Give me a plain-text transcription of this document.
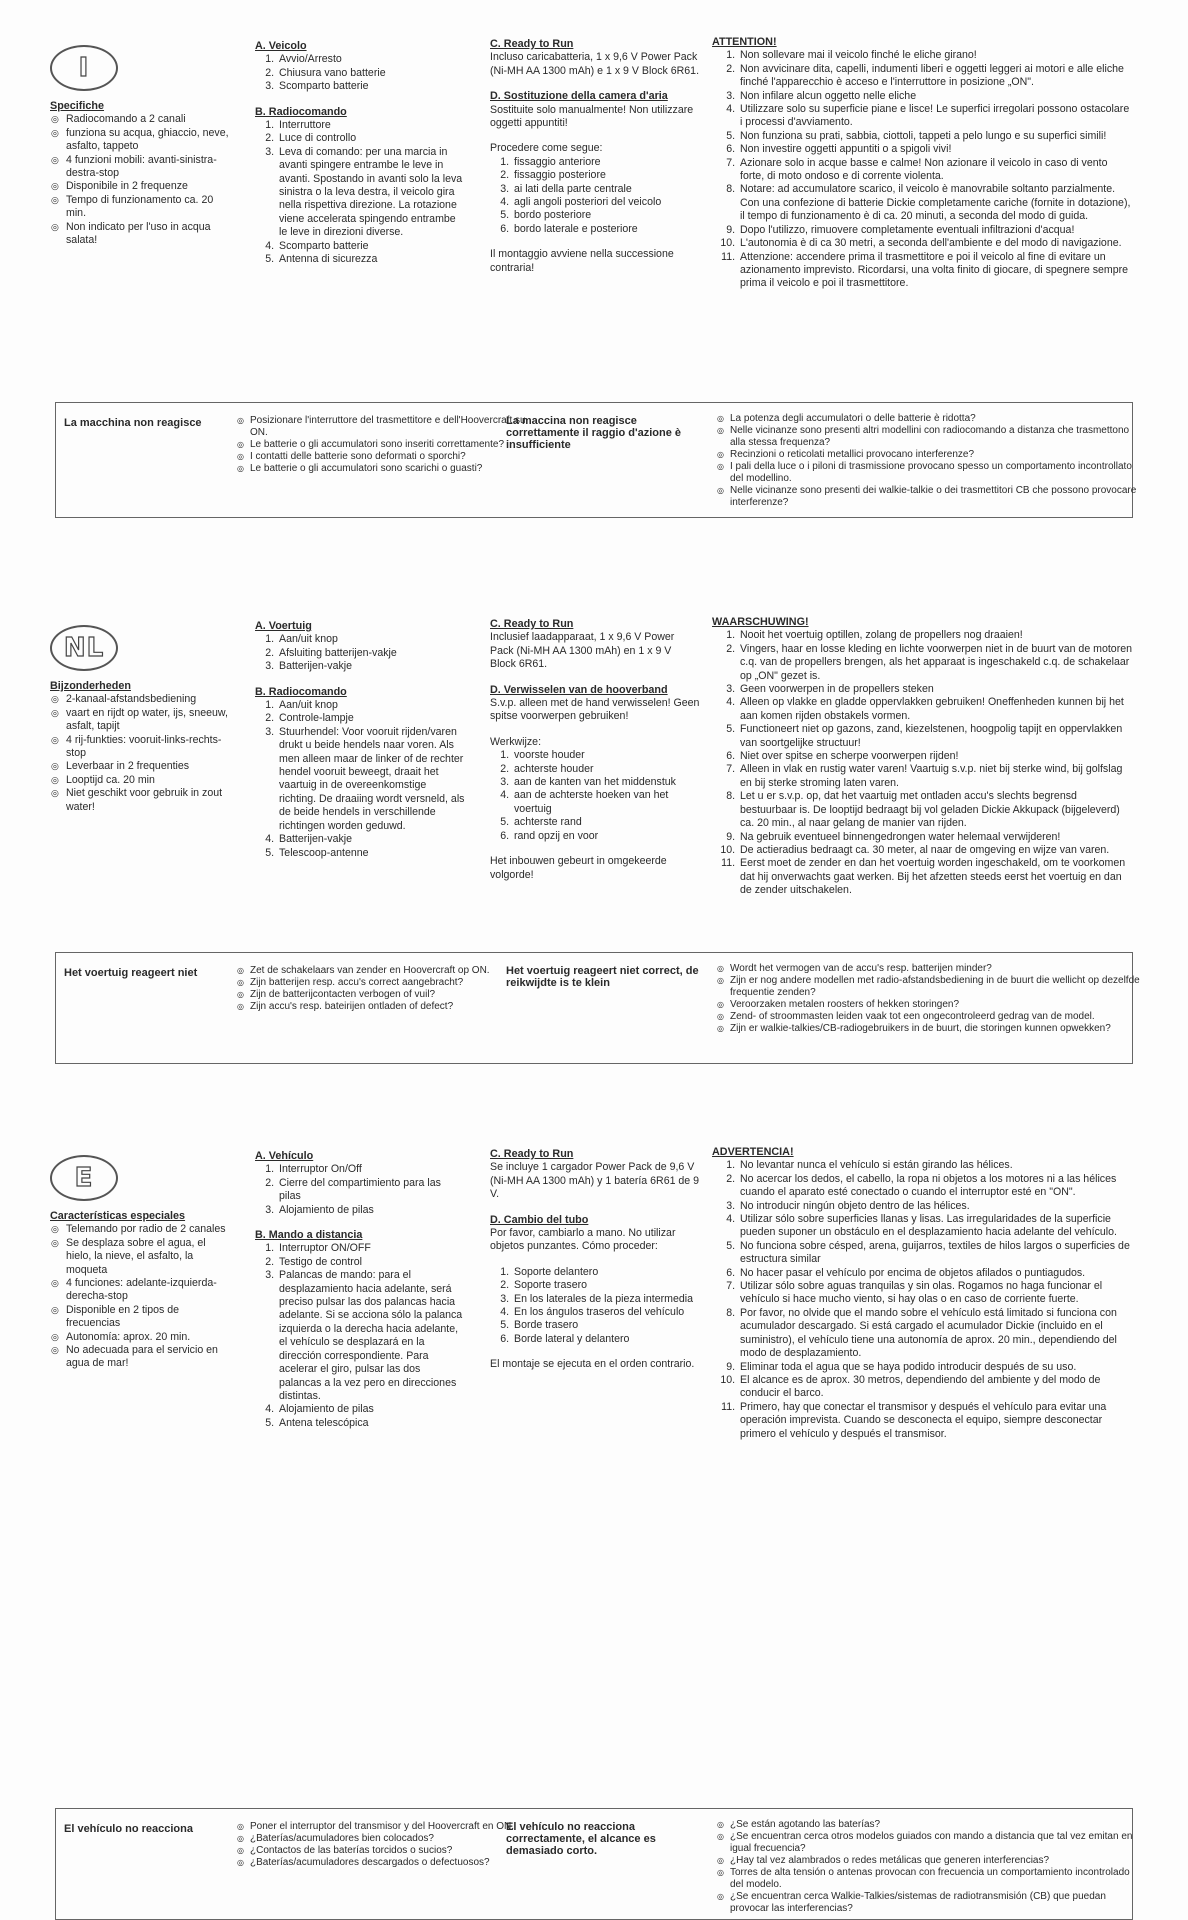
I
Specifiche
◎ Radiocomando a 2 canali
◎ funziona su acqua, ghiaccio, neve, asfalto, tappeto
◎ 4 funzioni mobili: avanti-sinistra-destra-stop
◎ Disponibile in 2 frequenze
◎ Tempo di funzionamento ca. 20 min.
◎ Non indicato per l'uso in acqua salata!
A. Veicolo
1. Avvio/Arresto
2. Chiusura vano batterie
3. Scomparto batterie
B. Radiocomando
1. Interruttore
2. Luce di controllo
3. Leva di comando: per una marcia in avanti spingere entrambe le leve in avanti. Spostando in avanti solo la leva sinistra o la leva destra, il veicolo gira nella rispettiva direzione. La rotazione viene accelerata spingendo entrambe le leve in direzioni diverse.
4. Scomparto batterie
5. Antenna di sicurezza
C. Ready to Run

Incluso caricabatteria, 1 x 9,6 V Power Pack (Ni-MH AA 1300 mAh) e 1 x 9 V Block 6R61.

D. Sostituzione della camera d'aria

Sostituite solo manualmente! Non utilizzare oggetti appuntiti!

Procedere come segue:

1. fissaggio anteriore
2. fissaggio posteriore
3. ai lati della parte centrale
4. agli angoli posteriori del veicolo
5. bordo posteriore
6. bordo laterale e posteriore

Il montaggio avviene nella successione contraria!

ATTENTION!
1. Non sollevare mai il veicolo finché le eliche girano!
2. Non avvicinare dita, capelli, indumenti liberi e oggetti leggeri ai motori e alle eliche finché l'apparecchio è acceso e l'interruttore in posizione „ON".
3. Non infilare alcun oggetto nelle eliche
4. Utilizzare solo su superficie piane e lisce! Le superfici irregolari possono ostacolare i processi d'avviamento.
5. Non funziona su prati, sabbia, ciottoli, tappeti a pelo lungo e su superfici simili!
6. Non investire oggetti appuntiti o a spigoli vivi!
7. Azionare solo in acque basse e calme! Non azionare il veicolo in caso di vento forte, di moto ondoso e di corrente violenta.
8. Notare: ad accumulatore scarico, il veicolo è manovrabile soltanto parzialmente. Con una confezione di batterie Dickie completamente cariche (fornite in dotazione), il tempo di funzionamento è di ca. 20 minuti, a seconda del modo di guida.
9. Dopo l'utilizzo, rimuovere completamente eventuali infiltrazioni d'acqua!
10. L'autonomia è di ca 30 metri, a seconda dell'ambiente e del modo di navigazione.
11. Attenzione: accendere prima il trasmettitore e poi il veicolo al fine di evitare un azionamento imprevisto. Ricordarsi, una volta finito di giocare, di spegnere sempre prima il veicolo e poi il trasmettitore.
La macchina non reagisce	◎ Posizionare l'interruttore del trasmettitore e dell'Hoovercraft su ON.
◎ Le batterie o gli accumulatori sono inseriti correttamente?
◎ I contatti delle batterie sono deformati o sporchi?
◎ Le batterie o gli accumulatori sono scarichi o guasti?
La maccina non reagisce correttamente il raggio d'azione è insufficiente
◎ La potenza degli accumulatori o delle batterie è ridotta?
◎ Nelle vicinanze sono presenti altri modellini con radiocomando a distanza che trasmettono alla stessa frequenza?
◎ Recinzioni o reticolati metallici provocano interferenze?
◎ I pali della luce o i piloni di trasmissione provocano spesso un comportamento incontrollato del modellino.
◎ Nelle vicinanze sono presenti dei walkie-talkie o dei trasmettitori CB che possono provocare interferenze?
NL
Bijzonderheden
◎ 2-kanaal-afstandsbediening
◎ vaart en rijdt op water, ijs, sneeuw, asfalt, tapijt
◎ 4 rij-funkties: vooruit-links-rechts-stop
◎ Leverbaar in 2 frequenties
◎ Looptijd ca. 20 min
◎ Niet geschikt voor gebruik in zout water!
A. Voertuig
1. Aan/uit knop
2. Afsluiting batterijen-vakje
3. Batterijen-vakje
B. Radiocomando
1. Aan/uit knop
2. Controle-lampje
3. Stuurhendel: Voor vooruit rijden/varen drukt u beide hendels naar voren. Als men alleen maar de linker of de rechter hendel vooruit beweegt, draait het vaartuig in de overeenkomstige richting. De draaiing wordt versneld, als de beide hendels in verschillende richtingen worden geduwd.
4. Batterijen-vakje
5. Telescoop-antenne
C. Ready to Run

Inclusief laadapparaat, 1 x 9,6 V Power Pack (Ni-MH AA 1300 mAh) en 1 x 9 V Block 6R61.

D. Verwisselen van de hooverband

S.v.p. alleen met de hand verwisselen! Geen spitse voorwerpen gebruiken!

Werkwijze:

1. voorste houder
2. achterste houder
3. aan de kanten van het middenstuk
4. aan de achterste hoeken van het voertuig
5. achterste rand
6. rand opzij en voor

Het inbouwen gebeurt in omgekeerde volgorde!

WAARSCHUWING!
1. Nooit het voertuig optillen, zolang de propellers nog draaien!
2. Vingers, haar en losse kleding en lichte voorwerpen niet in de buurt van de motoren c.q. van de propellers brengen, als het apparaat is ingeschakeld c.q. de schakelaar op „ON" gezet is.
3. Geen voorwerpen in de propellers steken
4. Alleen op vlakke en gladde oppervlakken gebruiken! Oneffenheden kunnen bij het aan komen rijden obstakels vormen.
5. Functioneert niet op gazons, zand, kiezelstenen, hoogpolig tapijt en oppervlakken van soortgelijke structuur!
6. Niet over spitse en scherpe voorwerpen rijden!
7. Alleen in vlak en rustig water varen! Vaartuig s.v.p. niet bij sterke wind, bij golfslag en bij sterke stroming laten varen.
8. Let u er s.v.p. op, dat het vaartuig met ontladen accu's slechts begrensd bestuurbaar is. De looptijd bedraagt bij vol geladen Dickie Akkupack (bijgeleverd) ca. 20 min., al naar gelang de manier van rijden.
9. Na gebruik eventueel binnengedrongen water helemaal verwijderen!
10. De actieradius bedraagt ca. 30 meter, al naar de omgeving en wijze van varen.
11. Eerst moet de zender en dan het voertuig worden ingeschakeld, om te voorkomen dat hij onverwachts gaat werken. Bij het afzetten steeds eerst het voertuig en dan de zender uitschakelen.
Het voertuig reageert niet	◎ Zet de schakelaars van zender en Hoovercraft op ON.
◎ Zijn batterijen resp. accu's correct aangebracht?
◎ Zijn de batterijcontacten verbogen of vuil?
◎ Zijn accu's resp. bateirijen ontladen of defect?
Het voertuig reageert niet correct, de reikwijdte is te klein
◎ Wordt het vermogen van de accu's resp. batterijen minder?
◎ Zijn er nog andere modellen met radio-afstandsbediening in de buurt die wellicht op dezelfde frequentie zenden?
◎ Veroorzaken metalen roosters of hekken storingen?
◎ Zend- of stroommasten leiden vaak tot een ongecontroleerd gedrag van de model.
◎ Zijn er walkie-talkies/CB-radiogebruikers in de buurt, die storingen kunnen opwekken?
E
Características especiales
◎ Telemando por radio de 2 canales
◎ Se desplaza sobre el agua, el hielo, la nieve, el asfalto, la moqueta
◎ 4 funciones: adelante-izquierda-derecha-stop
◎ Disponible en 2 tipos de frecuencias
◎ Autonomía: aprox. 20 min.
◎ No adecuada para el servicio en agua de mar!
A. Vehículo
1. Interruptor On/Off
2. Cierre del compartimiento para las pilas
3. Alojamiento de pilas
B. Mando a distancia
1. Interruptor ON/OFF
2. Testigo de control
3. Palancas de mando: para el desplazamiento hacia adelante, será preciso pulsar las dos palancas hacia adelante. Si se acciona sólo la palanca izquierda o la derecha hacia adelante, el vehículo se desplazará en la dirección correspondiente. Para acelerar el giro, pulsar las dos palancas a la vez pero en direcciones distintas.
4. Alojamiento de pilas
5. Antena telescópica
C. Ready to Run

Se incluye 1 cargador Power Pack de 9,6 V (Ni-MH AA 1300 mAh) y 1 batería 6R61 de 9 V.

D. Cambio del tubo

Por favor, cambiarlo a mano. No utilizar objetos punzantes. Cómo proceder:

1. Soporte delantero
2. Soporte trasero
3. En los laterales de la pieza intermedia
4. En los ángulos traseros del vehículo
5. Borde trasero
6. Borde lateral y delantero

El montaje se ejecuta en el orden contrario.

ADVERTENCIA!
1. No levantar nunca el vehículo si están girando las hélices.
2. No acercar los dedos, el cabello, la ropa ni objetos a los motores ni a las hélices cuando el aparato esté conectado o cuando el interruptor esté en "ON".
3. No introducir ningún objeto dentro de las hélices.
4. Utilizar sólo sobre superficies llanas y lisas. Las irregularidades de la superficie pueden suponer un obstáculo en el desplazamiento hacia adelante del vehículo.
5. No funciona sobre césped, arena, guijarros, textiles de hilos largos o superficies de estructura similar
6. No hacer pasar el vehículo por encima de objetos afilados o puntiagudos.
7. Utilizar sólo sobre aguas tranquilas y sin olas. Rogamos no haga funcionar el vehículo si hace mucho viento, si hay olas o en caso de corriente fuerte.
8. Por favor, no olvide que el mando sobre el vehículo está limitado si funciona con acumulador descargado. Si está cargado el acumulador Dickie (incluido en el suministro), el vehículo tiene una autonomía de aprox. 20 min., dependiendo del modo de desplazamiento.
9. Eliminar toda el agua que se haya podido introducir después de su uso.
10. El alcance es de aprox. 30 metros, dependiendo del ambiente y del modo de conducir el barco.
11. Primero, hay que conectar el transmisor y después el vehículo para evitar una operación imprevista. Cuando se desconecta el equipo, siempre desconectar primero el vehículo y después el transmisor.
El vehículo no reacciona	◎ Poner el interruptor del transmisor y del Hoovercraft en ON.
◎ ¿Baterías/acumuladores bien colocados?
◎ ¿Contactos de las baterías torcidos o sucios?
◎ ¿Baterías/acumuladores descargados o defectuosos?
El vehículo no reacciona correctamente, el alcance es demasiado corto.
◎ ¿Se están agotando las baterías?
◎ ¿Se encuentran cerca otros modelos guiados con mando a distancia que tal vez emitan en igual frecuencia?
◎ ¿Hay tal vez alambrados o redes metálicas que generen interferencias?
◎ Torres de alta tensión o antenas provocan con frecuencia un comportamiento incontrolado del modelo.
◎ ¿Se encuentran cerca Walkie-Talkies/sistemas de radiotransmisión (CB) que puedan provocar las interferencias?
